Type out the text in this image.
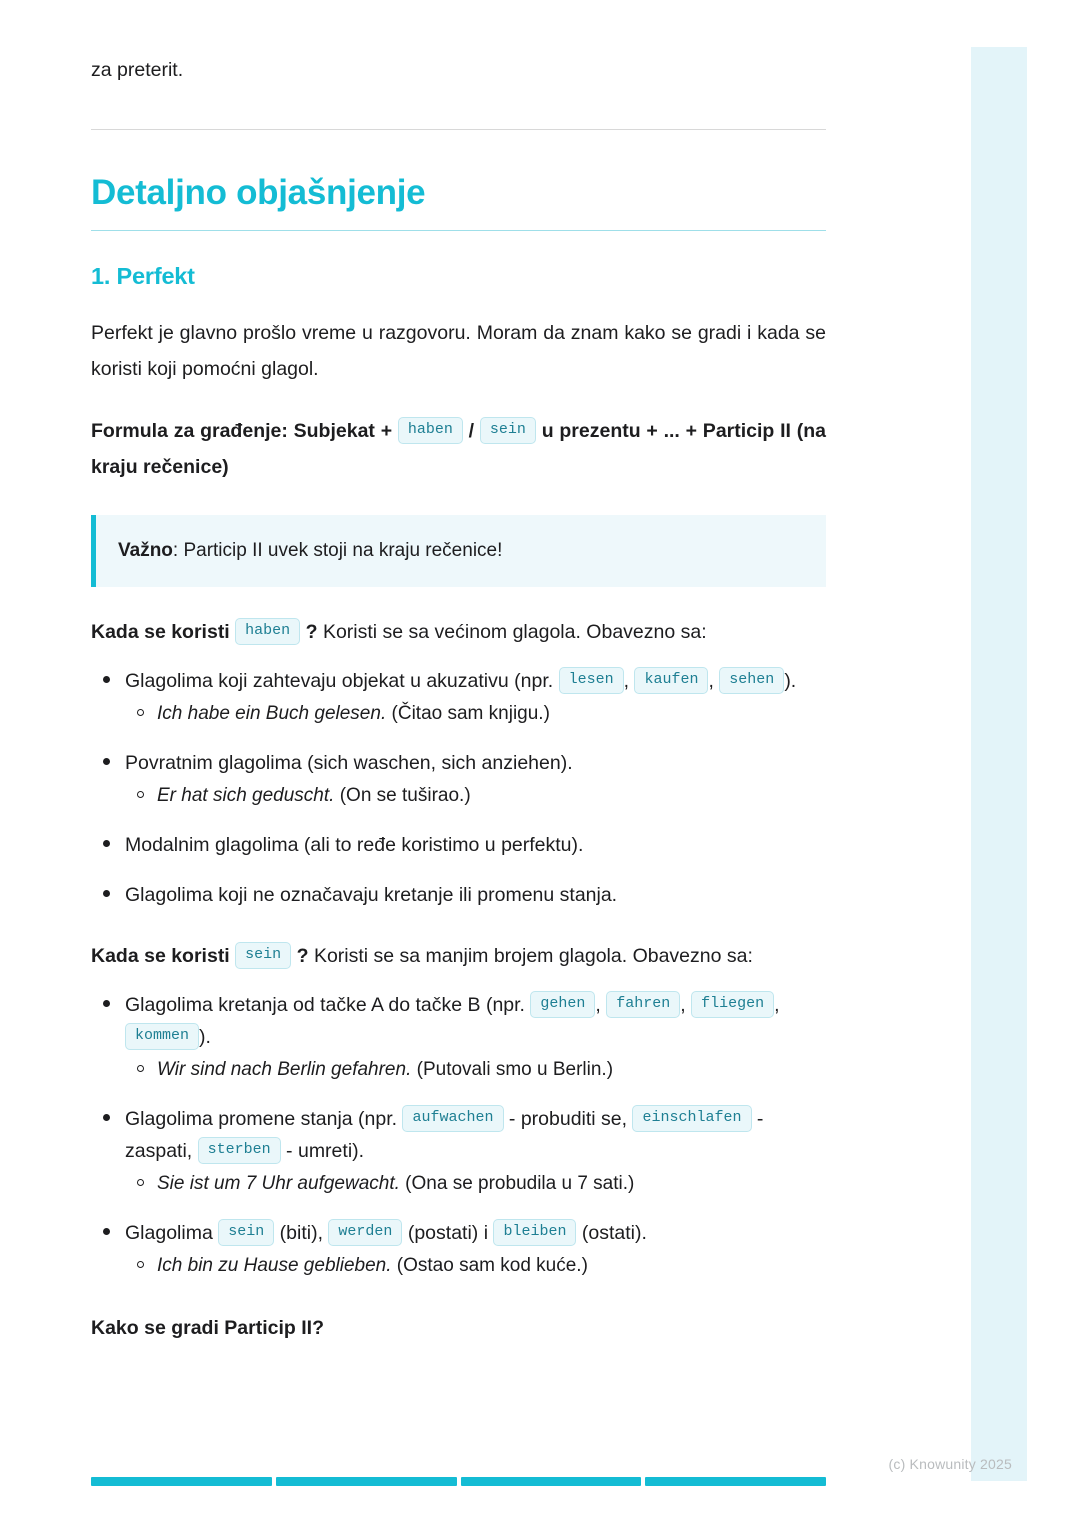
za preterit.
Detaljno objašnjenje
1. Perfekt

Perfekt je glavno prošlo vreme u razgovoru. Moram da znam kako se gradi i kada se koristi koji pomoćni glagol.

Formula za građenje: Subjekat + haben / sein u prezentu + ... + Particip II (na kraju rečenice)

Važno: Particip II uvek stoji na kraju rečenice!

Kada se koristi haben ? Koristi se sa većinom glagola. Obavezno sa:

Glagolima koji zahtevaju objekat u akuzativu (npr. lesen , kaufen , sehen ).
Ich habe ein Buch gelesen. (Čitao sam knjigu.)
Povratnim glagolima (sich waschen, sich anziehen).
Er hat sich geduscht. (On se tuširao.)
Modalnim glagolima (ali to ređe koristimo u perfektu).
Glagolima koji ne označavaju kretanje ili promenu stanja.

Kada se koristi sein ? Koristi se sa manjim brojem glagola. Obavezno sa:

Glagolima kretanja od tačke A do tačke B (npr. gehen , fahren , fliegen , kommen ).
Wir sind nach Berlin gefahren. (Putovali smo u Berlin.)
Glagolima promene stanja (npr. aufwachen - probuditi se, einschlafen - zaspati, sterben - umreti).
Sie ist um 7 Uhr aufgewacht. (Ona se probudila u 7 sati.)
Glagolima sein (biti), werden (postati) i bleiben (ostati).
Ich bin zu Hause geblieben. (Ostao sam kod kuće.)

Kako se gradi Particip II?

(c) Knowunity 2025
